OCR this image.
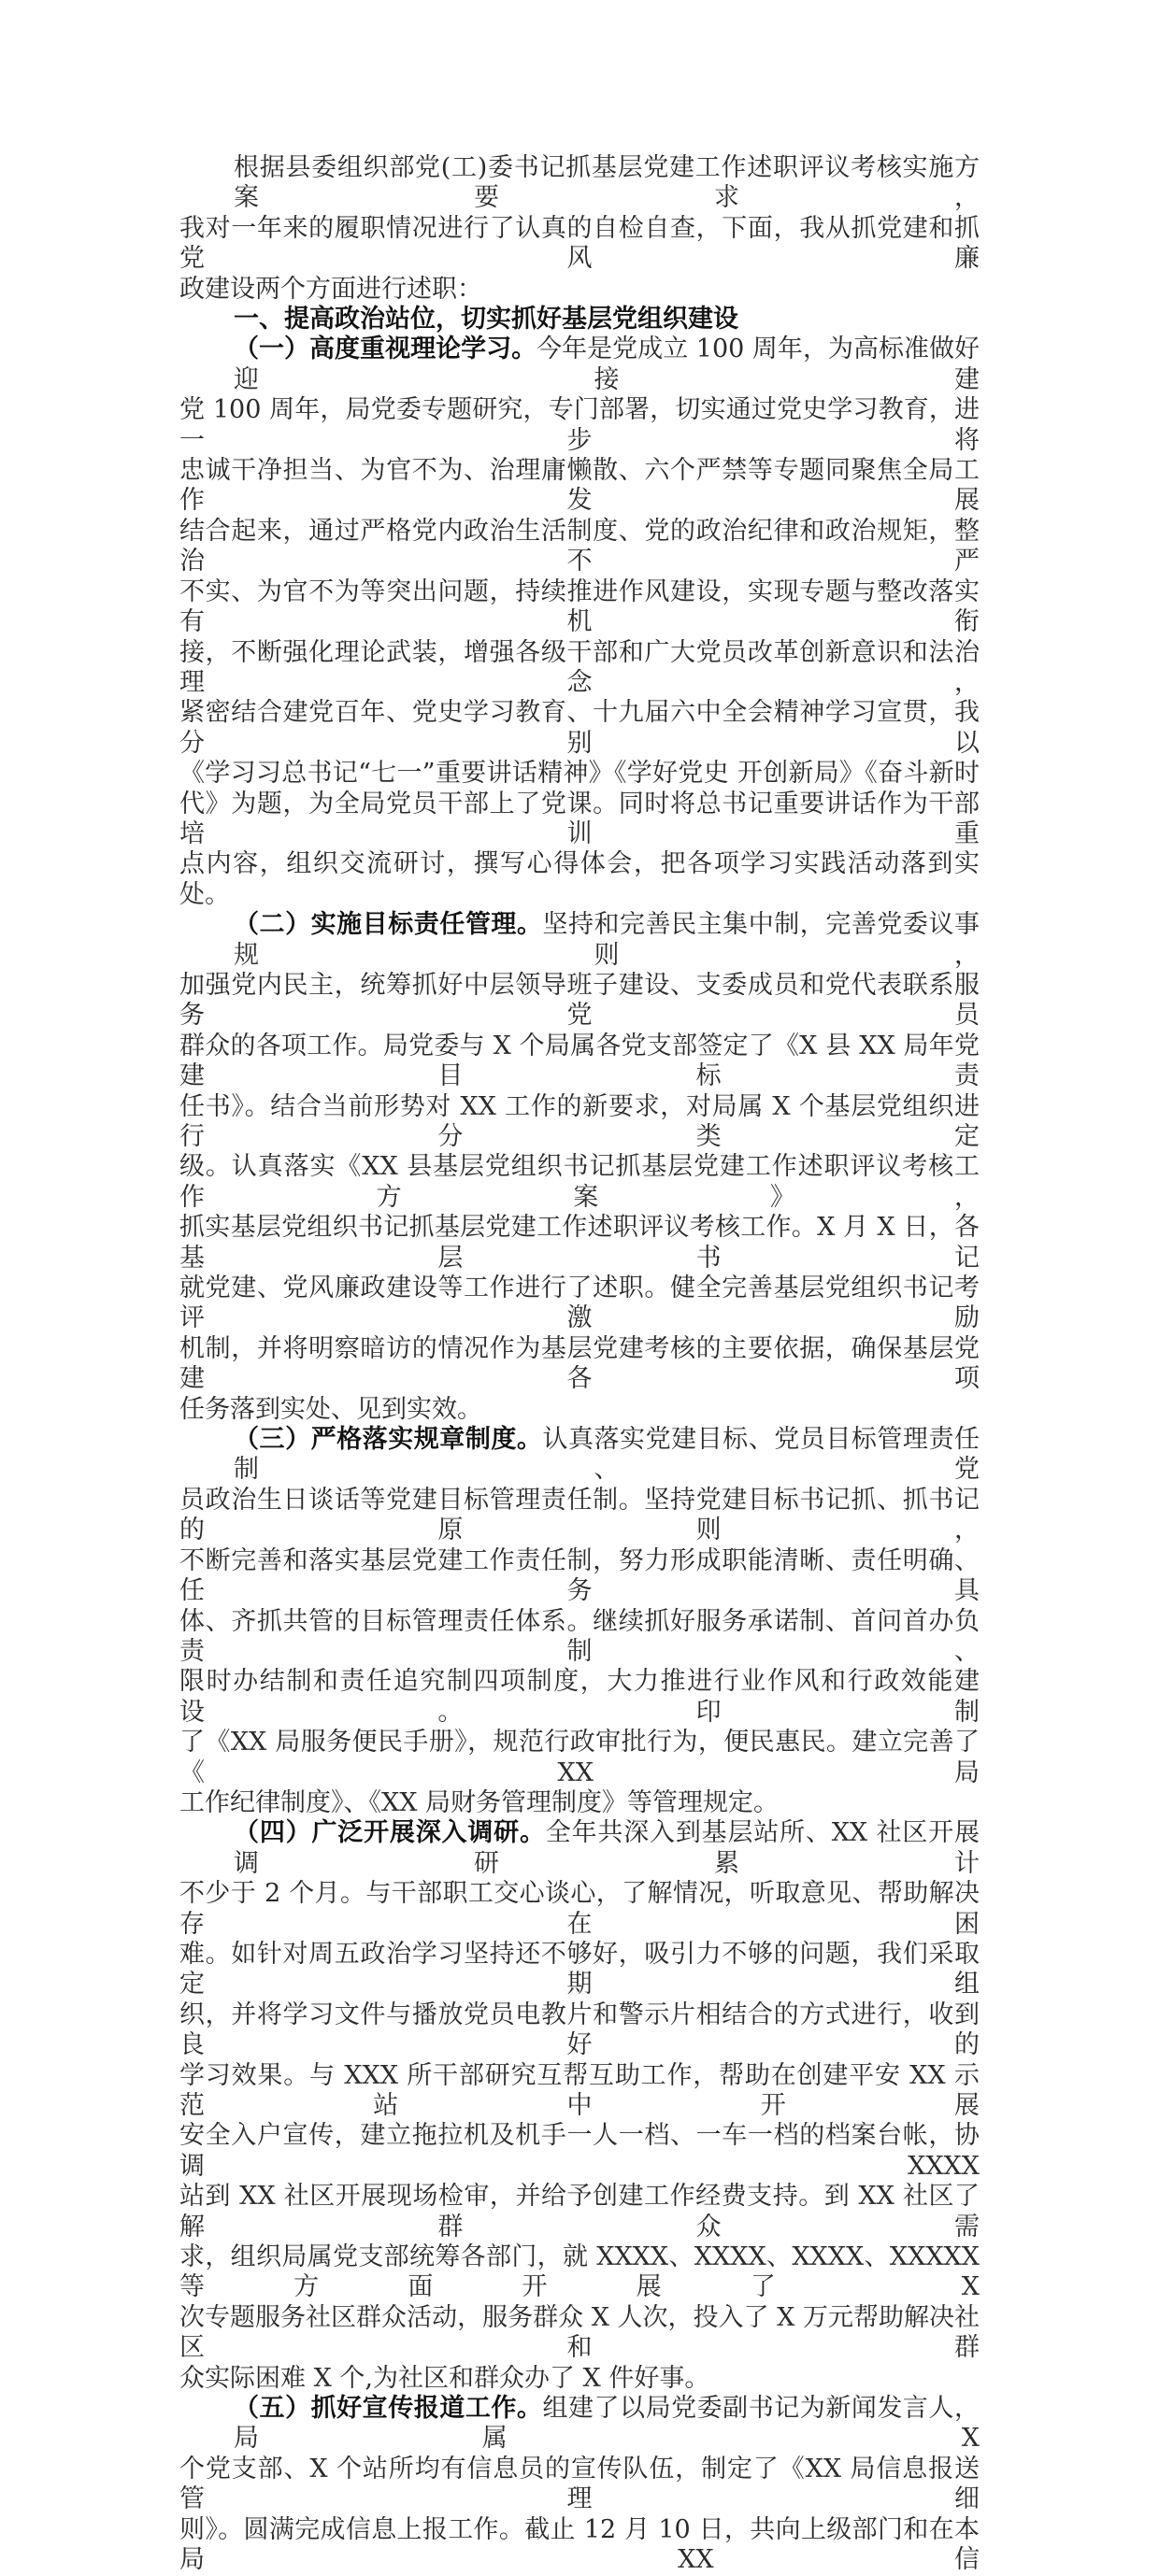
根据县委组织部党(工)委书记抓基层党建工作述职评议考核实施方案要求，
我对一年来的履职情况进行了认真的自检自查，下面，我从抓党建和抓党风廉
政建设两个方面进行述职：
一、提高政治站位，切实抓好基层党组织建设
（一）高度重视理论学习。今年是党成立 100 周年，为高标准做好迎接建
党 100 周年，局党委专题研究，专门部署，切实通过党史学习教育，进一步将
忠诚干净担当、为官不为、治理庸懒散、六个严禁等专题同聚焦全局工作发展
结合起来，通过严格党内政治生活制度、党的政治纪律和政治规矩，整治不严
不实、为官不为等突出问题，持续推进作风建设，实现专题与整改落实有机衔
接，不断强化理论武装，增强各级干部和广大党员改革创新意识和法治理念，
紧密结合建党百年、党史学习教育、十九届六中全会精神学习宣贯，我分别以
《学习习总书记“七一”重要讲话精神》《学好党史 开创新局》《奋斗新时
代》为题，为全局党员干部上了党课。同时将总书记重要讲话作为干部培训重
点内容，组织交流研讨，撰写心得体会，把各项学习实践活动落到实处。
（二）实施目标责任管理。坚持和完善民主集中制，完善党委议事规则，
加强党内民主，统筹抓好中层领导班子建设、支委成员和党代表联系服务党员
群众的各项工作。局党委与 X 个局属各党支部签定了《X 县 XX 局年党建目标责
任书》。结合当前形势对 XX 工作的新要求，对局属 X 个基层党组织进行分类定
级。认真落实《XX 县基层党组织书记抓基层党建工作述职评议考核工作方案》，
抓实基层党组织书记抓基层党建工作述职评议考核工作。X 月 X 日，各基层书记
就党建、党风廉政建设等工作进行了述职。健全完善基层党组织书记考评激励
机制，并将明察暗访的情况作为基层党建考核的主要依据，确保基层党建各项
任务落到实处、见到实效。
（三）严格落实规章制度。认真落实党建目标、党员目标管理责任制、党
员政治生日谈话等党建目标管理责任制。坚持党建目标书记抓、抓书记的原则，
不断完善和落实基层党建工作责任制，努力形成职能清晰、责任明确、任务具
体、齐抓共管的目标管理责任体系。继续抓好服务承诺制、首问首办负责制、
限时办结制和责任追究制四项制度，大力推进行业作风和行政效能建设。印制
了《XX 局服务便民手册》，规范行政审批行为，便民惠民。建立完善了《XX 局
工作纪律制度》、《XX 局财务管理制度》等管理规定。
（四）广泛开展深入调研。全年共深入到基层站所、XX 社区开展调研累计
不少于 2 个月。与干部职工交心谈心，了解情况，听取意见、帮助解决存在困
难。如针对周五政治学习坚持还不够好，吸引力不够的问题，我们采取定期组
织，并将学习文件与播放党员电教片和警示片相结合的方式进行，收到良好的
学习效果。与 XXX 所干部研究互帮互助工作，帮助在创建平安 XX 示范站中开展
安全入户宣传，建立拖拉机及机手一人一档、一车一档的档案台帐，协调 XXXX
站到 XX 社区开展现场检审，并给予创建工作经费支持。到 XX 社区了解群众需
求，组织局属党支部统筹各部门，就 XXXX、XXXX、XXXX、XXXXX 等方面开展了 X
次专题服务社区群众活动，服务群众 X 人次，投入了 X 万元帮助解决社区和群
众实际困难 X 个,为社区和群众办了 X 件好事。
（五）抓好宣传报道工作。组建了以局党委副书记为新闻发言人，局属 X
个党支部、X 个站所均有信息员的宣传队伍，制定了《XX 局信息报送管理细
则》。圆满完成信息上报工作。截止 12 月 10 日，共向上级部门和在本局 XX 信
